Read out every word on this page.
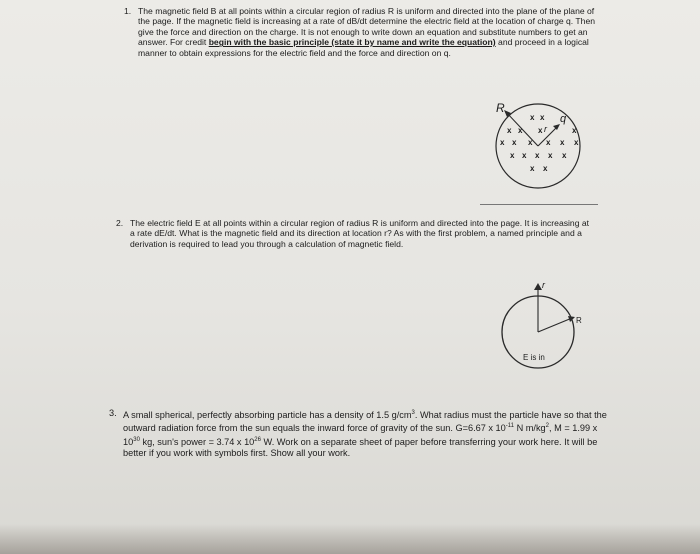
1. The magnetic field B at all points within a circular region of radius R is uniform and directed into the plane of the plane of the page. If the magnetic field is increasing at a rate of dB/dt determine the electric field at the location of charge q. Then give the force and direction on the charge. It is not enough to write down an equation and substitute numbers to get an answer. For credit begin with the basic principle (state it by name and write the equation) and proceed in a logical manner to obtain expressions for the electric field and the force and direction on q.
R
r
q
x x
x x x	x
x x x x x x
x x x x x
x x
2. The electric field E at all points within a circular region of radius R is uniform and directed into the page. It is increasing at a rate dE/dt. What is the magnetic field and its direction at location r? As with the first problem, a named principle and a derivation is required to lead you through a calculation of magnetic field.
r
R
E is in
3. A small spherical, perfectly absorbing particle has a density of 1.5 $g/cm^3$. What radius must the particle have so that the outward radiation force from the sun equals the inward force of gravity of the sun. G=6.67 x $10^{-11}$ N $m/kg^2$, M = 1.99 x $10^{30}$ kg, sun's power = 3.74 x $10^{26}$ W. Work on a separate sheet of paper before transferring your work here. It will be better if you work with symbols first. Show all your work.
